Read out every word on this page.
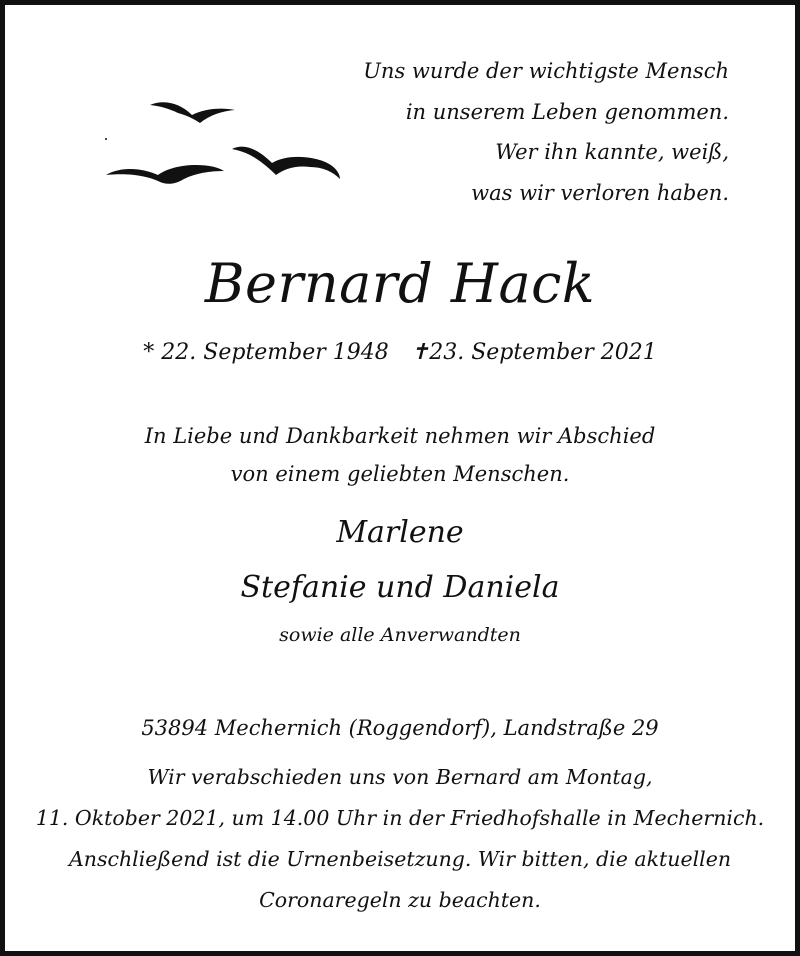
Uns wurde der wichtigste Mensch
in unserem Leben genommen.
Wer ihn kannte, weiß,
was wir verloren haben.
Bernard Hack
* 22. September 1948 ✝23. September 2021
In Liebe und Dankbarkeit nehmen wir Abschied
von einem geliebten Menschen.
Marlene
Stefanie und Daniela
sowie alle Anverwandten
53894 Mechernich (Roggendorf), Landstraße 29
Wir verabschieden uns von Bernard am Montag,
11. Oktober 2021, um 14.00 Uhr in der Friedhofshalle in Mechernich.
Anschließend ist die Urnenbeisetzung. Wir bitten, die aktuellen
Coronaregeln zu beachten.
